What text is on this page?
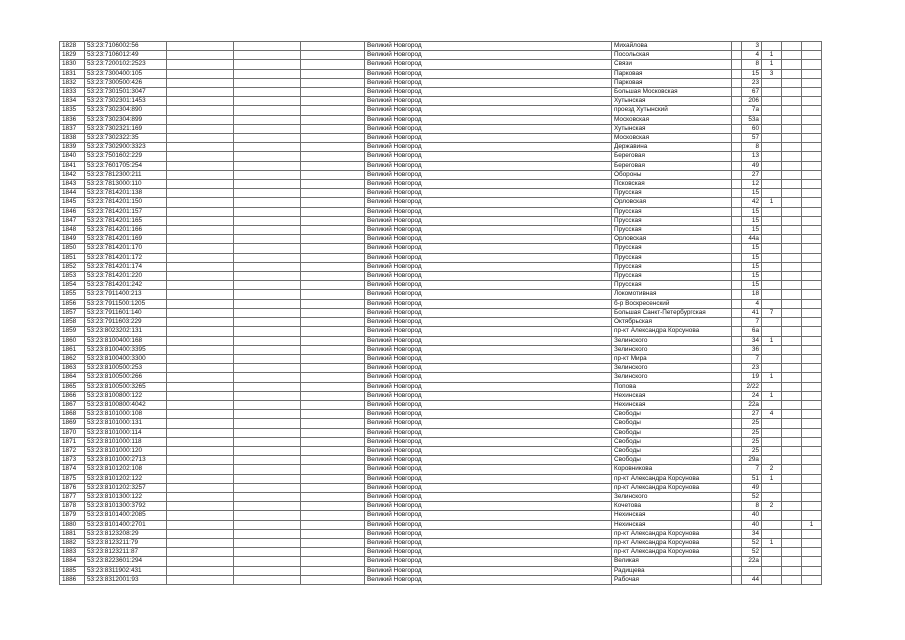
1828	53:23:7106002:56				Великий Новгород	Михайлова		3			
1829	53:23:7106012:49				Великий Новгород	Посольская		4	1		
1830	53:23:7200102:2523				Великий Новгород	Связи		8	1		
1831	53:23:7300400:105				Великий Новгород	Парковая		15	3		
1832	53:23:7300500:426				Великий Новгород	Парковая		23			
1833	53:23:7301501:3047				Великий Новгород	Большая Московская		67			
1834	53:23:7302301:1453				Великий Новгород	Хутынская		206			
1835	53:23:7302304:890				Великий Новгород	проезд Хутынский		7а			
1836	53:23:7302304:899				Великий Новгород	Московская		53а			
1837	53:23:7302321:169				Великий Новгород	Хутынская		60			
1838	53:23:7302322:35				Великий Новгород	Московская		57			
1839	53:23:7302900:3323				Великий Новгород	Державина		8			
1840	53:23:7501602:229				Великий Новгород	Береговая		13			
1841	53:23:7601705:254				Великий Новгород	Береговая		49			
1842	53:23:7812300:211				Великий Новгород	Обороны		27			
1843	53:23:7813000:110				Великий Новгород	Псковская		12			
1844	53:23:7814201:138				Великий Новгород	Прусская		15			
1845	53:23:7814201:150				Великий Новгород	Орловская		42	1		
1846	53:23:7814201:157				Великий Новгород	Прусская		15			
1847	53:23:7814201:165				Великий Новгород	Прусская		15			
1848	53:23:7814201:166				Великий Новгород	Прусская		15			
1849	53:23:7814201:169				Великий Новгород	Орловская		44а			
1850	53:23:7814201:170				Великий Новгород	Прусская		15			
1851	53:23:7814201:172				Великий Новгород	Прусская		15			
1852	53:23:7814201:174				Великий Новгород	Прусская		15			
1853	53:23:7814201:220				Великий Новгород	Прусская		15			
1854	53:23:7814201:242				Великий Новгород	Прусская		15			
1855	53:23:7911400:213				Великий Новгород	Локомотивная		18			
1856	53:23:7911500:1205				Великий Новгород	б-р Воскресенский		4			
1857	53:23:7911601:140				Великий Новгород	Большая Санкт-Петербургская		41	7		
1858	53:23:7911603:229				Великий Новгород	Октябрьская		7			
1859	53:23:8023202:131				Великий Новгород	пр-кт Александра Корсунова		6а			
1860	53:23:8100400:168				Великий Новгород	Зелинского		34	1		
1861	53:23:8100400:3395				Великий Новгород	Зелинского		36			
1862	53:23:8100400:3300				Великий Новгород	пр-кт Мира		7			
1863	53:23:8100500:253				Великий Новгород	Зелинского		23			
1864	53:23:8100500:266				Великий Новгород	Зелинского		19	1		
1865	53:23:8100500:3265				Великий Новгород	Попова		2/22			
1866	53:23:8100800:122				Великий Новгород	Нехинская		24	1		
1867	53:23:8100800:4042				Великий Новгород	Нехинская		22а			
1868	53:23:8101000:108				Великий Новгород	Свободы		27	4		
1869	53:23:8101000:131				Великий Новгород	Свободы		25			
1870	53:23:8101000:114				Великий Новгород	Свободы		25			
1871	53:23:8101000:118				Великий Новгород	Свободы		25			
1872	53:23:8101000:120				Великий Новгород	Свободы		25			
1873	53:23:8101000:2713				Великий Новгород	Свободы		29а			
1874	53:23:8101202:108				Великий Новгород	Коровникова		7	2		
1875	53:23:8101202:122				Великий Новгород	пр-кт Александра Корсунова		51	1		
1876	53:23:8101202:3257				Великий Новгород	пр-кт Александра Корсунова		49			
1877	53:23:8101300:122				Великий Новгород	Зелинского		52			
1878	53:23:8101300:3792				Великий Новгород	Кочетова		8	2		
1879	53:23:8101400:2085				Великий Новгород	Нехинская		40			
1880	53:23:8101400:2701				Великий Новгород	Нехинская		40			1
1881	53:23:8123208:29				Великий Новгород	пр-кт Александра Корсунова		34			
1882	53:23:8123211:79				Великий Новгород	пр-кт Александра Корсунова		52	1		
1883	53:23:8123211:87				Великий Новгород	пр-кт Александра Корсунова		52			
1884	53:23:8223601:294				Великий Новгород	Великая		22а			
1885	53:23:8311902:431				Великий Новгород	Радищева					
1886	53:23:8312001:93				Великий Новгород	Рабочая		44			
